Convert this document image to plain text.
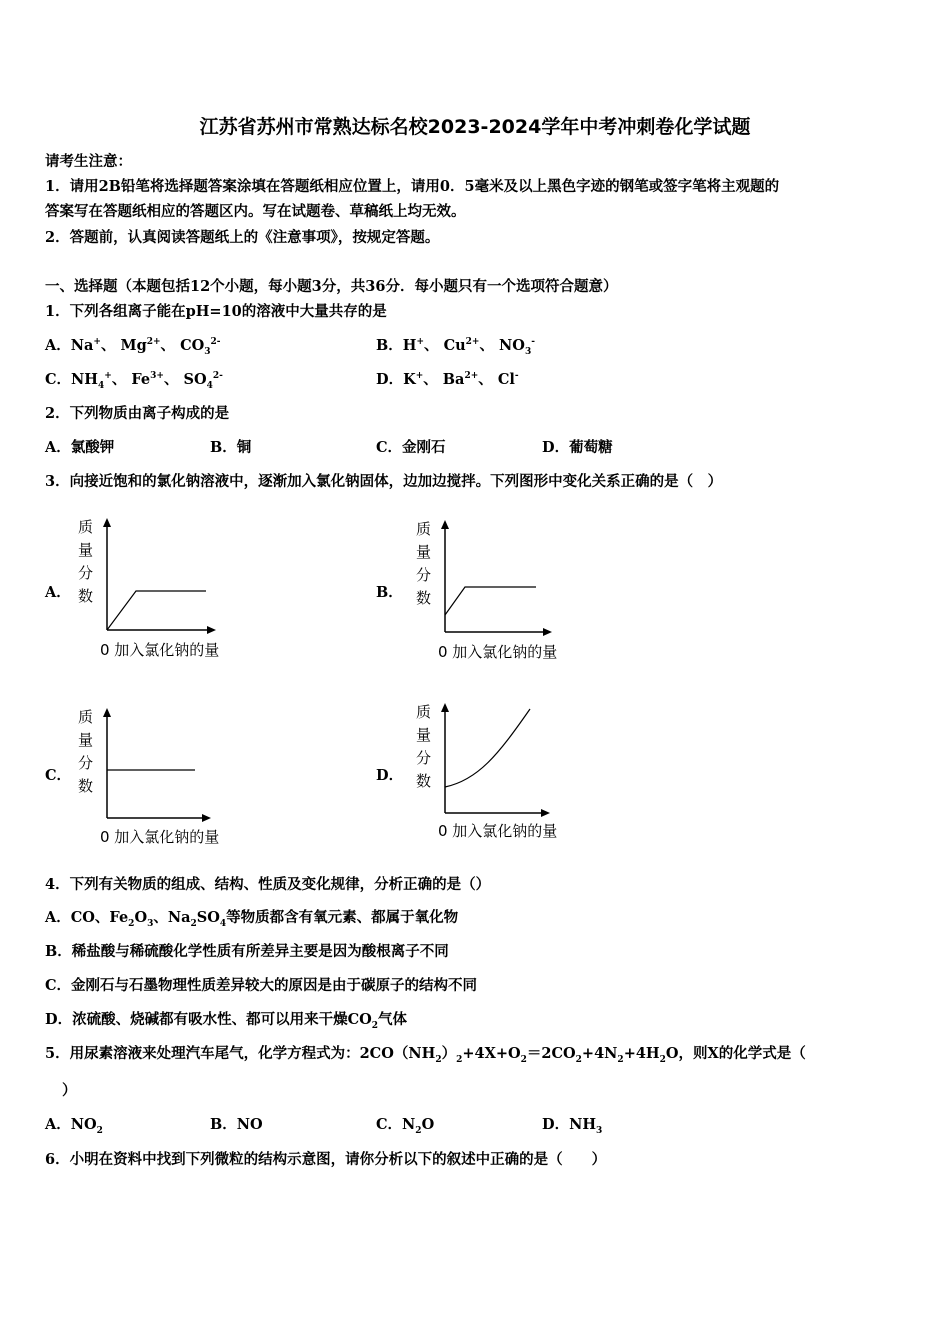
江苏省苏州市常熟达标名校2023-2024学年中考冲刺卷化学试题
请考生注意：
1．请用2B铅笔将选择题答案涂填在答题纸相应位置上，请用0．5毫米及以上黑色字迹的钢笔或签字笔将主观题的
答案写在答题纸相应的答题区内。写在试题卷、草稿纸上均无效。
2．答题前，认真阅读答题纸上的《注意事项》，按规定答题。
一、选择题（本题包括12个小题，每小题3分，共36分．每小题只有一个选项符合题意）
1．下列各组离子能在pH=10的溶液中大量共存的是
A．Na+、 $Mg^{2+}$、 $CO_3^{2-}$	B．H+、 $Cu^{2+}$、 $NO_3^-$
C．$NH_4^+$、 $Fe^{3+}$、 $SO_4^{2-}$	D．K+、 $Ba^{2+}$、 Cl-
2．下列物质由离子构成的是
A．氯酸钾	B．铜	C．金刚石	D．葡萄糖
3．向接近饱和的氯化钠溶液中，逐渐加入氯化钠固体，边加边搅拌。下列图形中变化关系正确的是（　）
A．
质
量
分
数
0 加入氯化钠的量
B．
质
量
分
数
0 加入氯化钠的量
C．
质
量
分
数
0 加入氯化钠的量
D．
质
量
分
数
0 加入氯化钠的量
4．下列有关物质的组成、结构、性质及变化规律，分析正确的是（）
A．CO、$Fe_2O_3$、$Na_2SO_4$等物质都含有氧元素、都属于氧化物
B．稀盐酸与稀硫酸化学性质有所差异主要是因为酸根离子不同
C．金刚石与石墨物理性质差异较大的原因是由于碳原子的结构不同
D．浓硫酸、烧碱都有吸水性、都可以用来干燥$CO_2$气体
5．用尿素溶液来处理汽车尾气，化学方程式为：$2CO(NH_2)_2+4X+O_2=2CO_2+4N_2+4H_2O$，则X的化学式是（
）
A．$NO_2$	B．NO	C．$N_2O$	D．$NH_3$
6．小明在资料中找到下列微粒的结构示意图，请你分析以下的叙述中正确的是（　　）
